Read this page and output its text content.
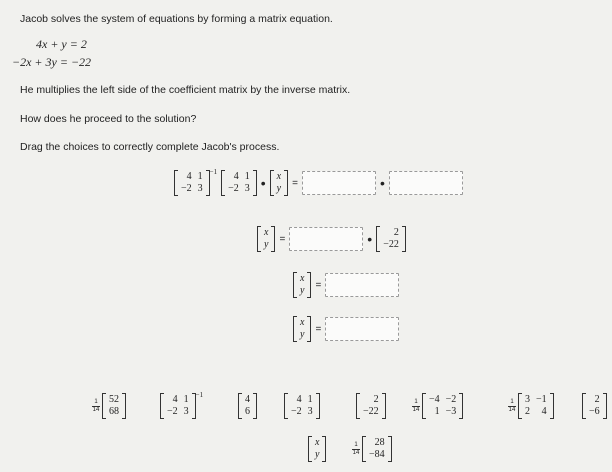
Jacob solves the system of equations by forming a matrix equation.
4x + y = 2
−2x + 3y = −22
He multiplies the left side of the coefficient matrix by the inverse matrix.
How does he proceed to the solution?
Drag the choices to correctly complete Jacob's process.
4 1
−2 3
$^{-1}$	4 1
−2 3 • x
y =	•
x
y =	•	2
−22
x
y =
x
y =
$\frac{1}{14} 52$
68
4 1
−2 3
$^{-1}$	4
6
4 1
−2 3
2
−22	$\frac{1}{14} -4 -2$
1 −3	$\frac{1}{14} 3 -1$
2	4
2
−6
x
y	$\frac{1}{14}$	28
−84
